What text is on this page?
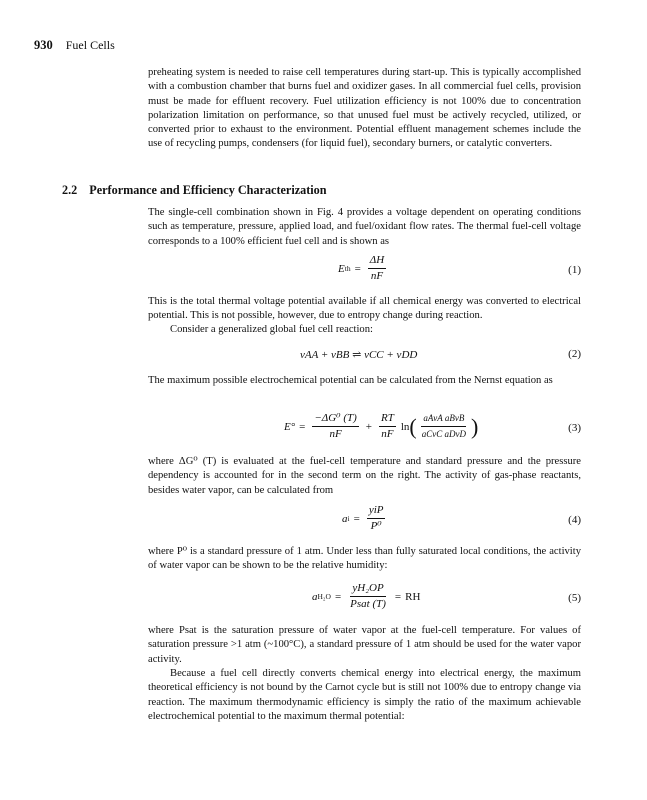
930 Fuel Cells

preheating system is needed to raise cell temperatures during start-up. This is typically accomplished with a combustion chamber that burns fuel and oxidizer gases. In all commercial fuel cells, provision must be made for effluent recovery. Fuel utilization efficiency is not 100% due to concentration polarization limitation on performance, so that unused fuel must be actively recycled, utilized, or converted prior to exhaust to the environment. Potential effluent management schemes include the use of recycling pumps, condensers (for liquid fuel), secondary burners, or catalytic converters.

2.2 Performance and Efficiency Characterization

The single-cell combination shown in Fig. 4 provides a voltage dependent on operating conditions such as temperature, pressure, applied load, and fuel/oxidant flow rates. The thermal fuel-cell voltage corresponds to a 100% efficient fuel cell and is shown as

E th = $\frac{\Delta H}{nF}$	(1)

This is the total thermal voltage potential available if all chemical energy was converted to electrical potential. This is not possible, however, due to entropy change during reaction.

Consider a generalized global fuel cell reaction:

νAA + νBB ⇌ νCC + νDD	(2)

The maximum possible electrochemical potential can be calculated from the Nernst equation as

$E^\circ = \frac{\text{−ΔG⁰ (T)}}{nF} + \frac{RT}{nF}$ ln ( $\frac{\text{aAνA aBνB}}{\text{aCνC aDνD}}$ )	(3)

where ΔG⁰ (T) is evaluated at the fuel-cell temperature and standard pressure and the pressure dependency is accounted for in the second term on the right. The activity of gas-phase reactants, besides water vapor, can be calculated from

a $i = \frac{\text{yiP}}{\text{P⁰}}$	(4)

where P⁰ is a standard pressure of 1 atm. Under less than fully saturated local conditions, the activity of water vapor can be shown to be the relative humidity:

a $H_2O = \frac{\text{yH₂OP}}{\text{Psat (T)}}$ = RH	(5)

where Psat is the saturation pressure of water vapor at the fuel-cell temperature. For values of saturation pressure >1 atm (~100°C), a standard pressure of 1 atm should be used for the water vapor activity.

Because a fuel cell directly converts chemical energy into electrical energy, the maximum theoretical efficiency is not bound by the Carnot cycle but is still not 100% due to entropy change via reaction. The maximum thermodynamic efficiency is simply the ratio of the maximum achievable electrochemical potential to the maximum thermal potential:
